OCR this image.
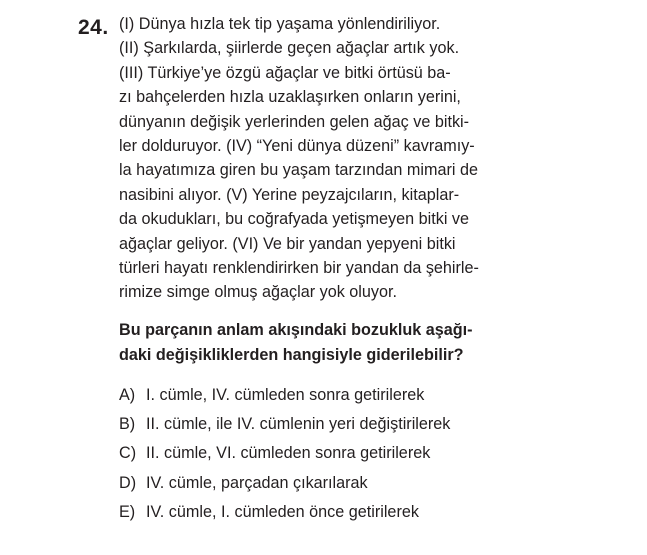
24. (I) Dünya hızla tek tip yaşama yönlendiriliyor.
(II) Şarkılarda, şiirlerde geçen ağaçlar artık yok.
(III) Türkiye’ye özgü ağaçlar ve bitki örtüsü ba-
zı bahçelerden hızla uzaklaşırken onların yerini,
dünyanın değişik yerlerinden gelen ağaç ve bitki-
ler dolduruyor. (IV) “Yeni dünya düzeni” kavramıy-
la hayatımıza giren bu yaşam tarzından mimari de
nasibini alıyor. (V) Yerine peyzajcıların, kitaplar-
da okudukları, bu coğrafyada yetişmeyen bitki ve
ağaçlar geliyor. (VI) Ve bir yandan yepyeni bitki
türleri hayatı renklendirirken bir yandan da şehirle-
rimize simge olmuş ağaçlar yok oluyor.
Bu parçanın anlam akışındaki bozukluk aşağı-
daki değişikliklerden hangisiyle giderilebilir?
A) I. cümle, IV. cümleden sonra getirilerek
B) II. cümle, ile IV. cümlenin yeri değiştirilerek
C) II. cümle, VI. cümleden sonra getirilerek
D) IV. cümle, parçadan çıkarılarak
E) IV. cümle, I. cümleden önce getirilerek
